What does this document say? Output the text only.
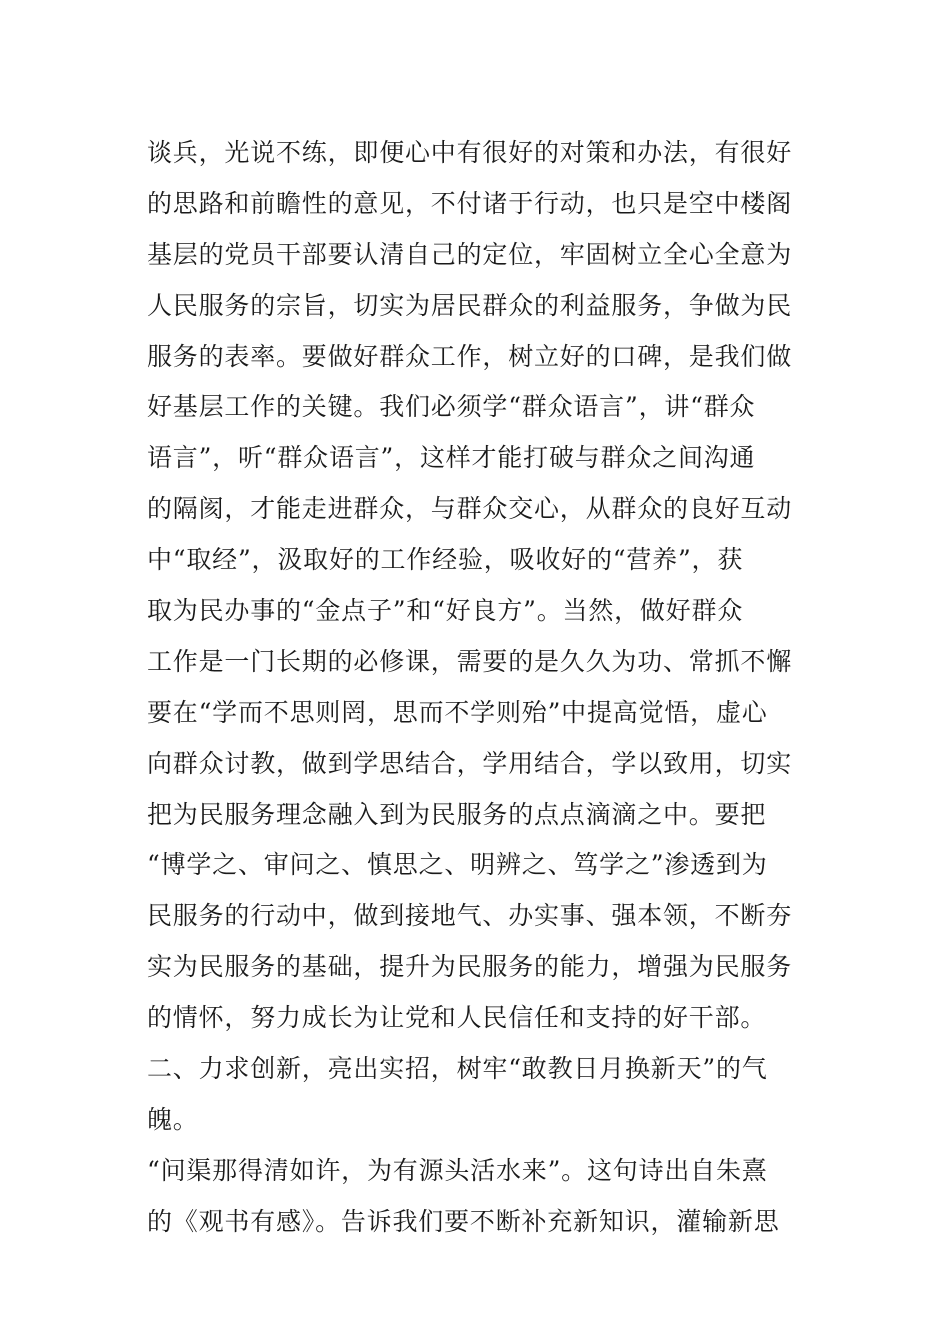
谈兵，光说不练，即便心中有很好的对策和办法，有很好
的思路和前瞻性的意见，不付诸于行动，也只是空中楼阁
基层的党员干部要认清自己的定位，牢固树立全心全意为
人民服务的宗旨，切实为居民群众的利益服务，争做为民
服务的表率。要做好群众工作，树立好的口碑，是我们做
好基层工作的关键。我们必须学“群众语言”，讲“群众
语言”，听“群众语言”，这样才能打破与群众之间沟通
的隔阂，才能走进群众，与群众交心，从群众的良好互动
中“取经”，汲取好的工作经验，吸收好的“营养”，获
取为民办事的“金点子”和“好良方”。当然，做好群众
工作是一门长期的必修课，需要的是久久为功、常抓不懈
要在“学而不思则罔，思而不学则殆”中提高觉悟，虚心
向群众讨教，做到学思结合，学用结合，学以致用，切实
把为民服务理念融入到为民服务的点点滴滴之中。要把
“博学之、审问之、慎思之、明辨之、笃学之”渗透到为
民服务的行动中，做到接地气、办实事、强本领，不断夯
实为民服务的基础，提升为民服务的能力，增强为民服务
的情怀，努力成长为让党和人民信任和支持的好干部。
二、力求创新，亮出实招，树牢“敢教日月换新天”的气
魄。
“问渠那得清如许，为有源头活水来”。这句诗出自朱熹
的《观书有感》。告诉我们要不断补充新知识，灌输新思
